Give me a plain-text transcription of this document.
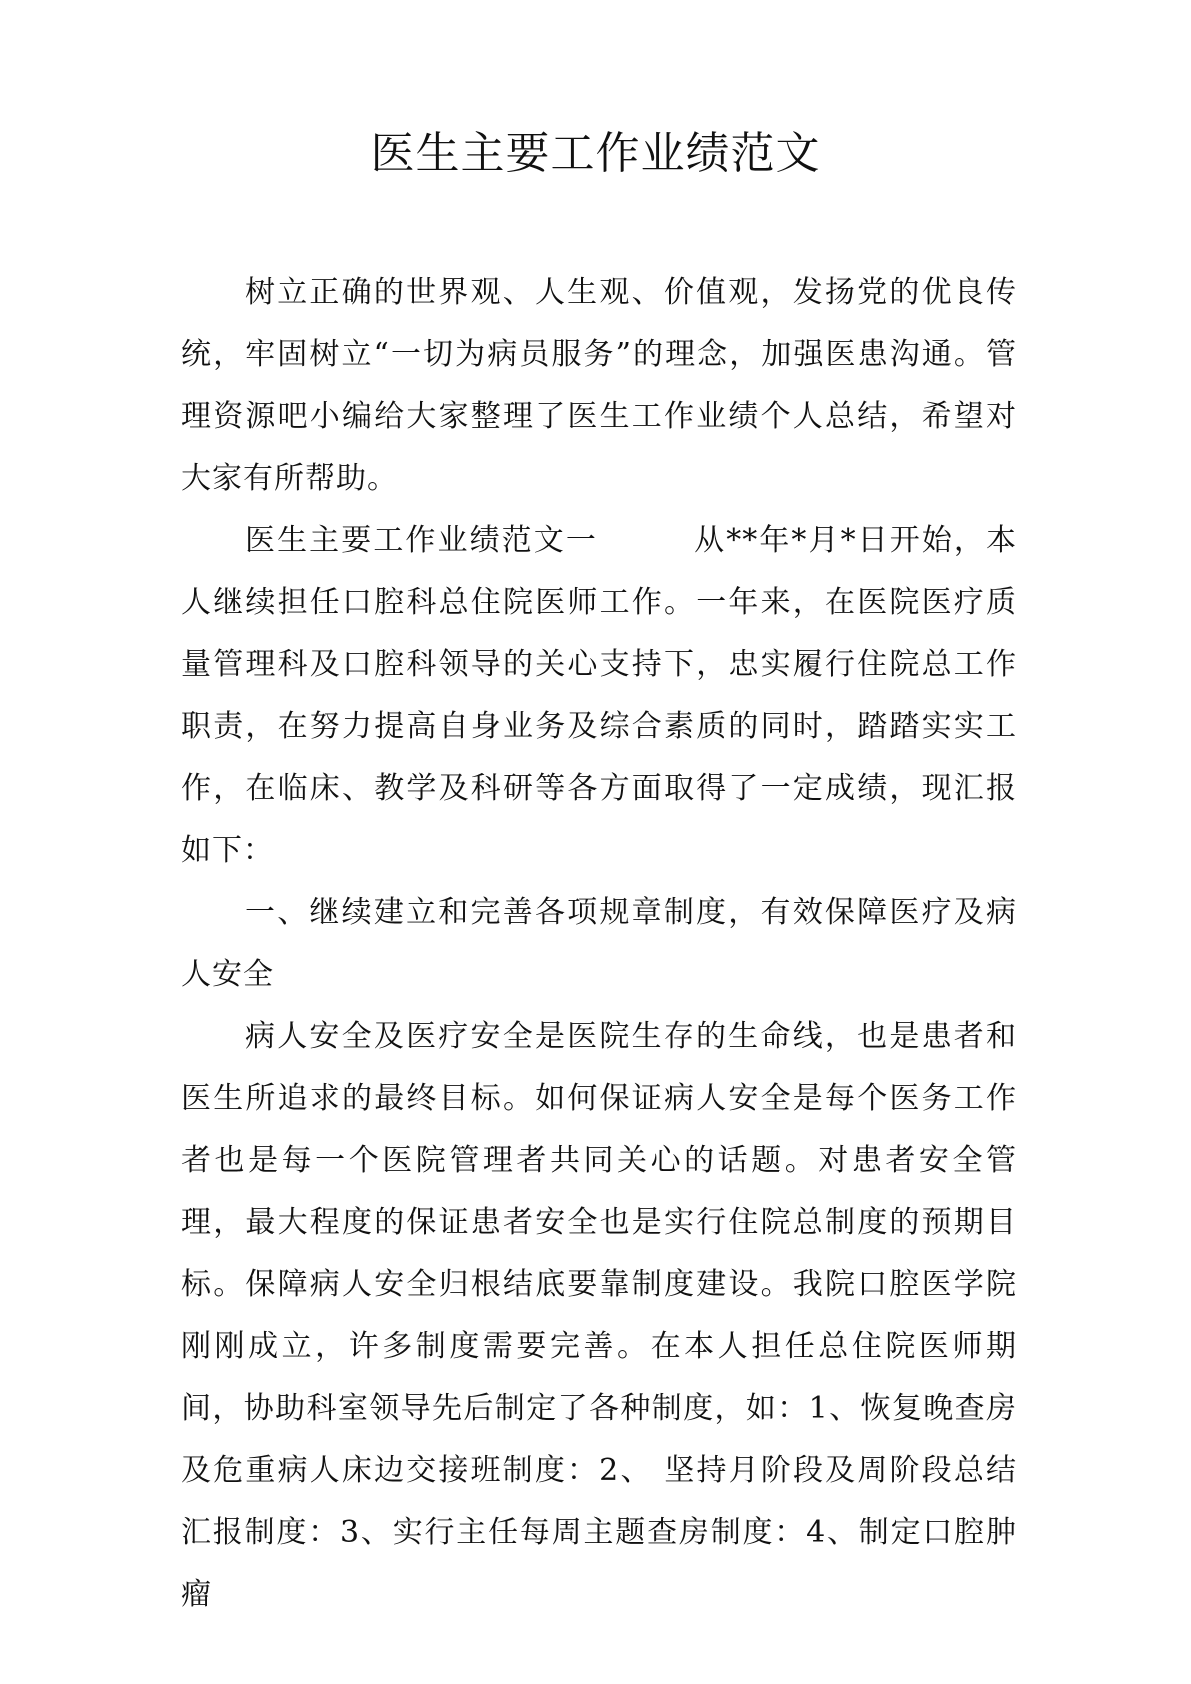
医生主要工作业绩范文

树立正确的世界观、人生观、价值观，发扬党的优良传统，牢固树立“一切为病员服务”的理念，加强医患沟通。管理资源吧小编给大家整理了医生工作业绩个人总结，希望对大家有所帮助。

医生主要工作业绩范文一　　　从**年*月*日开始，本人继续担任口腔科总住院医师工作。一年来，在医院医疗质量管理科及口腔科领导的关心支持下，忠实履行住院总工作职责，在努力提高自身业务及综合素质的同时，踏踏实实工作，在临床、教学及科研等各方面取得了一定成绩，现汇报如下：

一、继续建立和完善各项规章制度，有效保障医疗及病人安全

病人安全及医疗安全是医院生存的生命线，也是患者和医生所追求的最终目标。如何保证病人安全是每个医务工作者也是每一个医院管理者共同关心的话题。对患者安全管理，最大程度的保证患者安全也是实行住院总制度的预期目标。保障病人安全归根结底要靠制度建设。我院口腔医学院刚刚成立，许多制度需要完善。在本人担任总住院医师期间，协助科室领导先后制定了各种制度，如：1、恢复晚查房及危重病人床边交接班制度：2、 坚持月阶段及周阶段总结汇报制度：3、实行主任每周主题查房制度：4、制定口腔肿瘤
